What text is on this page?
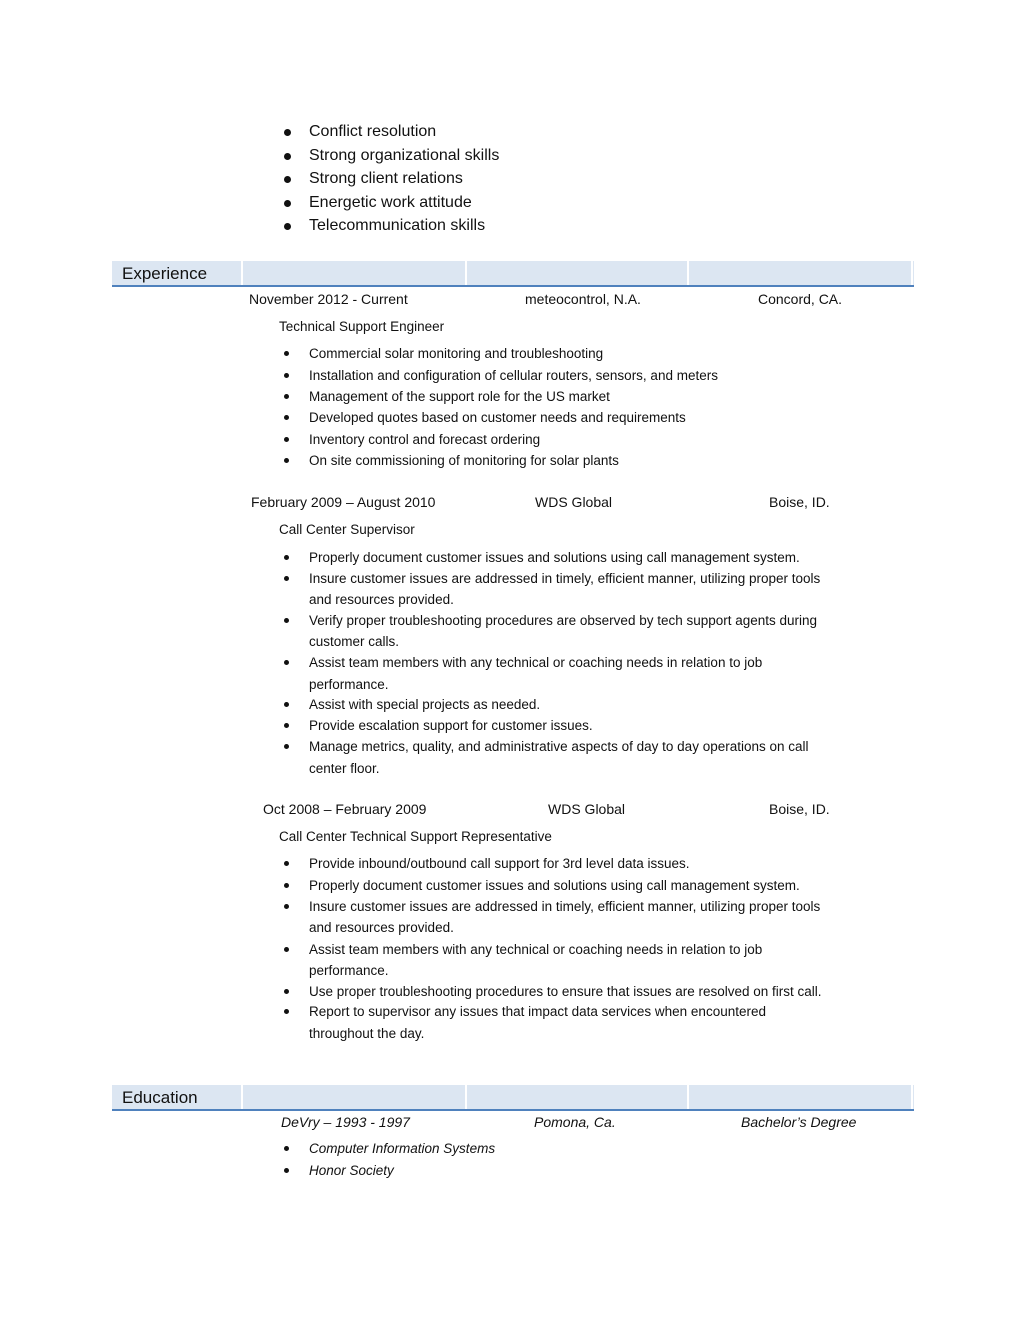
Conflict resolution
Strong organizational skills
Strong client relations
Energetic work attitude
Telecommunication skills
Experience
November 2012 - Current	meteocontrol, N.A.	Concord, CA.
Technical Support Engineer
Commercial solar monitoring and troubleshooting
Installation and configuration of cellular routers, sensors, and meters
Management of the support role for the US market
Developed quotes based on customer needs and requirements
Inventory control and forecast ordering
On site commissioning of monitoring for solar plants
February 2009 – August 2010	WDS Global	Boise, ID.
Call Center Supervisor
Properly document customer issues and solutions using call management system.
Insure customer issues are addressed in timely, efficient manner, utilizing proper tools
and resources provided.
Verify proper troubleshooting procedures are observed by tech support agents during
customer calls.
Assist team members with any technical or coaching needs in relation to job
performance.
Assist with special projects as needed.
Provide escalation support for customer issues.
Manage metrics, quality, and administrative aspects of day to day operations on call
center floor.
Oct 2008 – February 2009	WDS Global	Boise, ID.
Call Center Technical Support Representative
Provide inbound/outbound call support for 3rd level data issues.
Properly document customer issues and solutions using call management system.
Insure customer issues are addressed in timely, efficient manner, utilizing proper tools
and resources provided.
Assist team members with any technical or coaching needs in relation to job
performance.
Use proper troubleshooting procedures to ensure that issues are resolved on first call.
Report to supervisor any issues that impact data services when encountered
throughout the day.
Education
DeVry – 1993 - 1997	Pomona, Ca.	Bachelor’s Degree
Computer Information Systems
Honor Society
